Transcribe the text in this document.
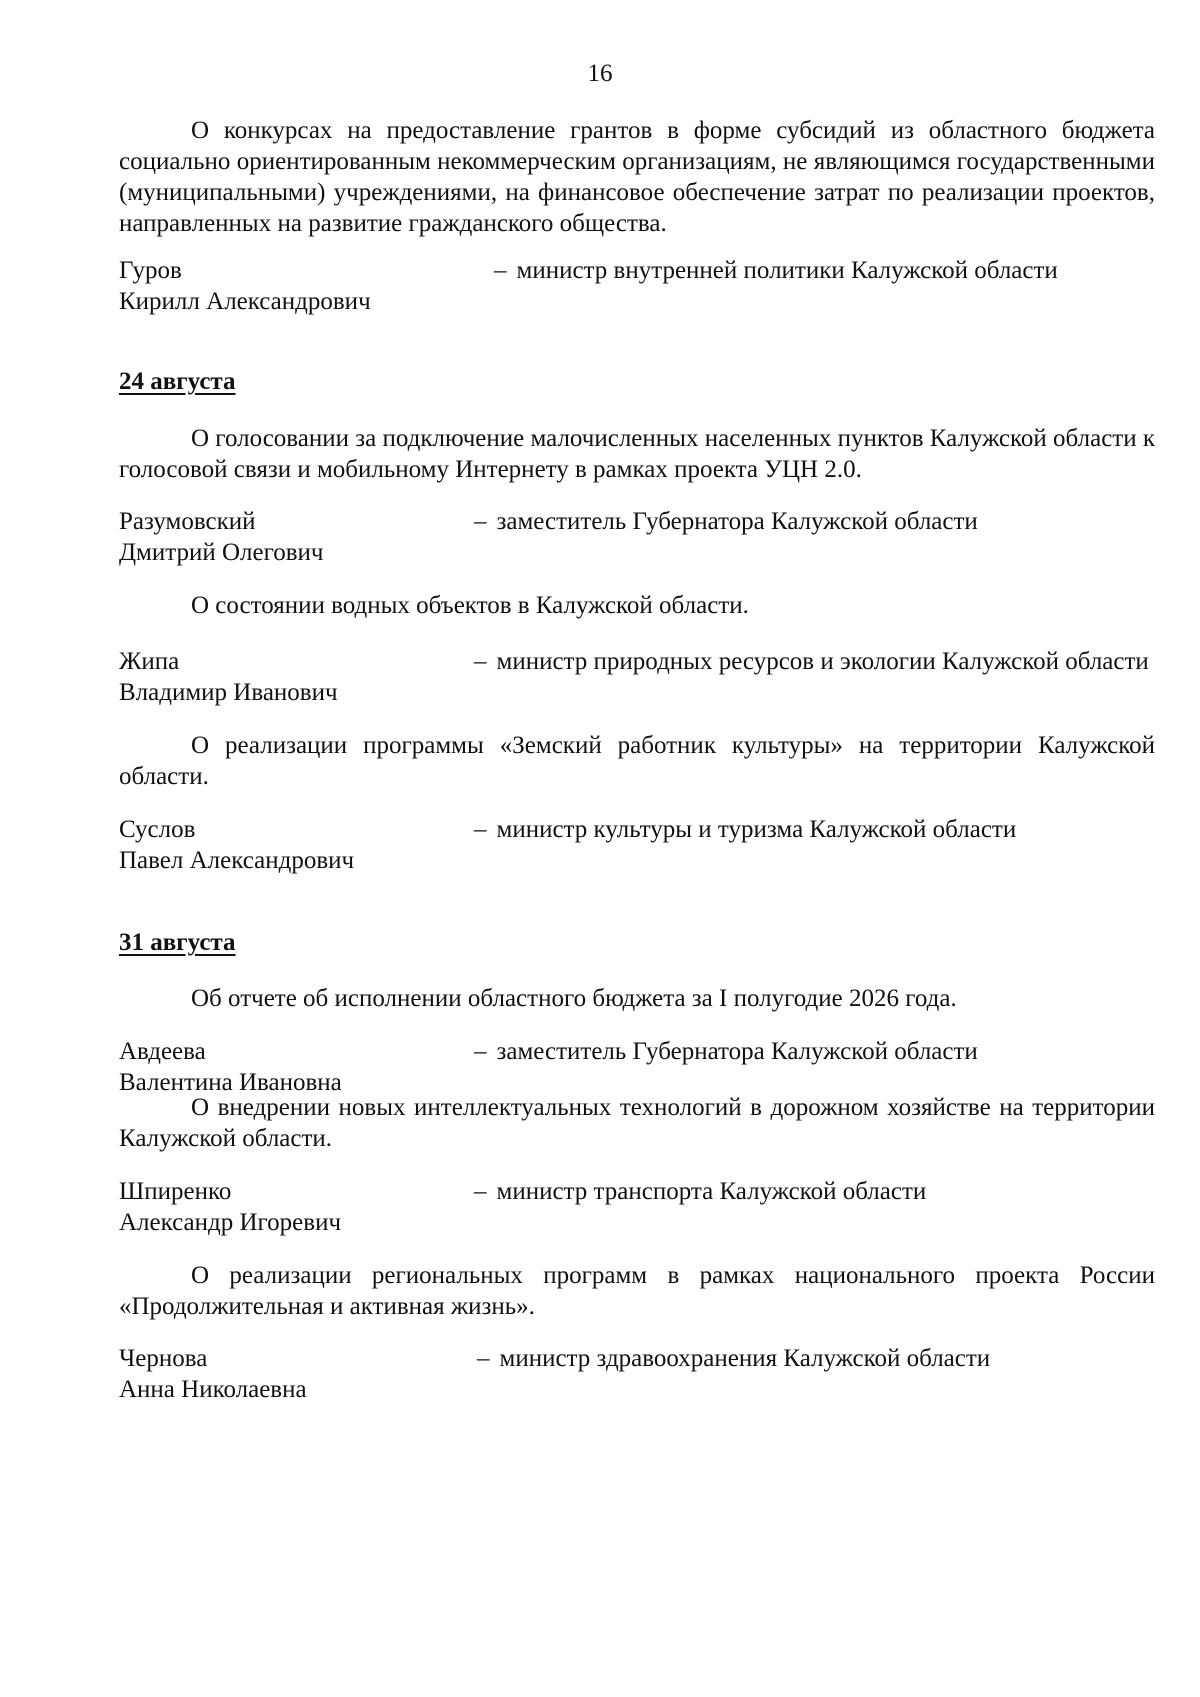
16

О конкурсах на предоставление грантов в форме субсидий из областного бюджета социально ориентированным некоммерческим организациям, не являющимся государственными (муниципальными) учреждениями, на финансовое обеспечение затрат по реализации проектов, направленных на развитие гражданского общества.

Гуров
Кирилл Александрович
– министр внутренней политики Калужской области
24 августа

О голосовании за подключение малочисленных населенных пунктов Калужской области к голосовой связи и мобильному Интернету в рамках проекта УЦН 2.0.

Разумовский
Дмитрий Олегович
– заместитель Губернатора Калужской области

О состоянии водных объектов в Калужской области.

Жипа
Владимир Иванович
– министр природных ресурсов и экологии Калужской области

О реализации программы «Земский работник культуры» на территории Калужской области.

Суслов
Павел Александрович
– министр культуры и туризма Калужской области
31 августа

Об отчете об исполнении областного бюджета за I полугодие 2026 года.

Авдеева
Валентина Ивановна
– заместитель Губернатора Калужской области

О внедрении новых интеллектуальных технологий в дорожном хозяйстве на территории Калужской области.

Шпиренко
Александр Игоревич
– министр транспорта Калужской области

О реализации региональных программ в рамках национального проекта России «Продолжительная и активная жизнь».

Чернова
Анна Николаевна
– министр здравоохранения Калужской области
